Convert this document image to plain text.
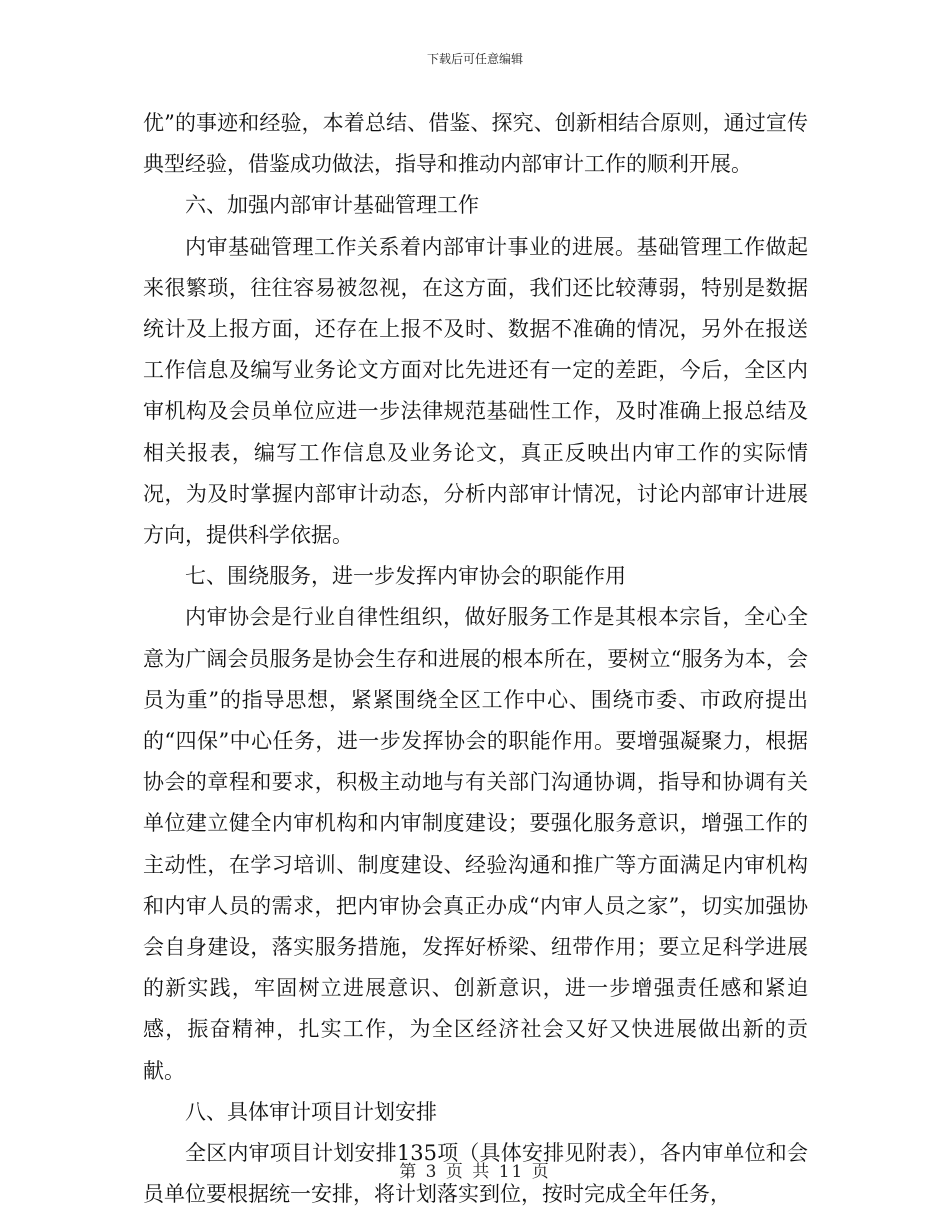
下载后可任意编辑

优”的事迹和经验，本着总结、借鉴、探究、创新相结合原则，通过宣传典型经验，借鉴成功做法，指导和推动内部审计工作的顺利开展。

六、加强内部审计基础管理工作

内审基础管理工作关系着内部审计事业的进展。基础管理工作做起来很繁琐，往往容易被忽视，在这方面，我们还比较薄弱，特别是数据统计及上报方面，还存在上报不及时、数据不准确的情况，另外在报送工作信息及编写业务论文方面对比先进还有一定的差距，今后，全区内审机构及会员单位应进一步法律规范基础性工作，及时准确上报总结及相关报表，编写工作信息及业务论文，真正反映出内审工作的实际情况，为及时掌握内部审计动态，分析内部审计情况，讨论内部审计进展方向，提供科学依据。

七、围绕服务，进一步发挥内审协会的职能作用

内审协会是行业自律性组织，做好服务工作是其根本宗旨，全心全意为广阔会员服务是协会生存和进展的根本所在，要树立“服务为本，会员为重”的指导思想，紧紧围绕全区工作中心、围绕市委、市政府提出的“四保”中心任务，进一步发挥协会的职能作用。要增强凝聚力，根据协会的章程和要求，积极主动地与有关部门沟通协调，指导和协调有关单位建立健全内审机构和内审制度建设；要强化服务意识，增强工作的主动性，在学习培训、制度建设、经验沟通和推广等方面满足内审机构和内审人员的需求，把内审协会真正办成“内审人员之家”，切实加强协会自身建设，落实服务措施，发挥好桥梁、纽带作用；要立足科学进展的新实践，牢固树立进展意识、创新意识，进一步增强责任感和紧迫感，振奋精神，扎实工作，为全区经济社会又好又快进展做出新的贡献。

八、具体审计项目计划安排

全区内审项目计划安排135项（具体安排见附表），各内审单位和会员单位要根据统一安排，将计划落实到位，按时完成全年任务，

第 3 页 共 11 页
